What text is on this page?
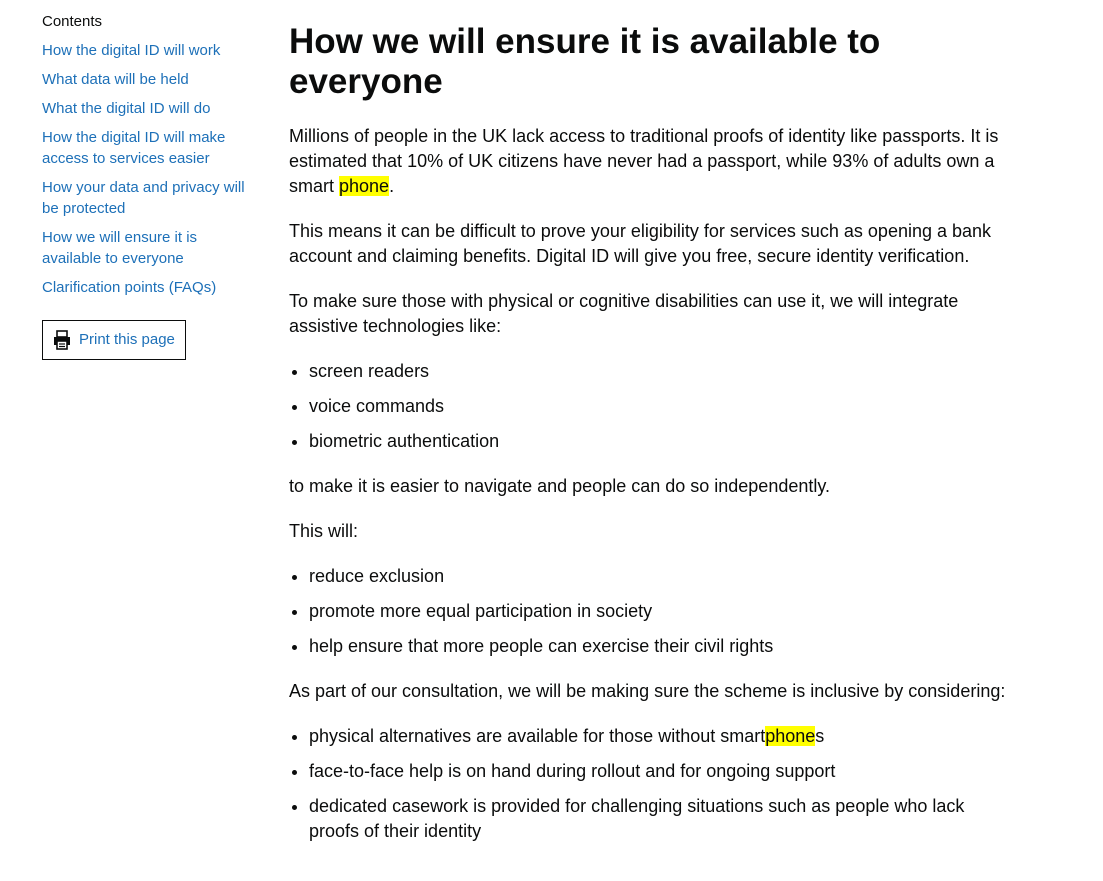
Contents
How the digital ID will work
What data will be held
What the digital ID will do
How the digital ID will make access to services easier
How your data and privacy will be protected
How we will ensure it is available to everyone
Clarification points (FAQs)
Print this page
How we will ensure it is available to everyone

Millions of people in the UK lack access to traditional proofs of identity like passports. It is estimated that 10% of UK citizens have never had a passport, while 93% of adults own a smart phone.

This means it can be difficult to prove your eligibility for services such as opening a bank account and claiming benefits. Digital ID will give you free, secure identity verification.

To make sure those with physical or cognitive disabilities can use it, we will integrate assistive technologies like:

• screen readers
• voice commands
• biometric authentication

to make it is easier to navigate and people can do so independently.

This will:

• reduce exclusion
• promote more equal participation in society
• help ensure that more people can exercise their civil rights

As part of our consultation, we will be making sure the scheme is inclusive by considering:

• physical alternatives are available for those without smartphones
• face-to-face help is on hand during rollout and for ongoing support
• dedicated casework is provided for challenging situations such as people who lack proofs of their identity
